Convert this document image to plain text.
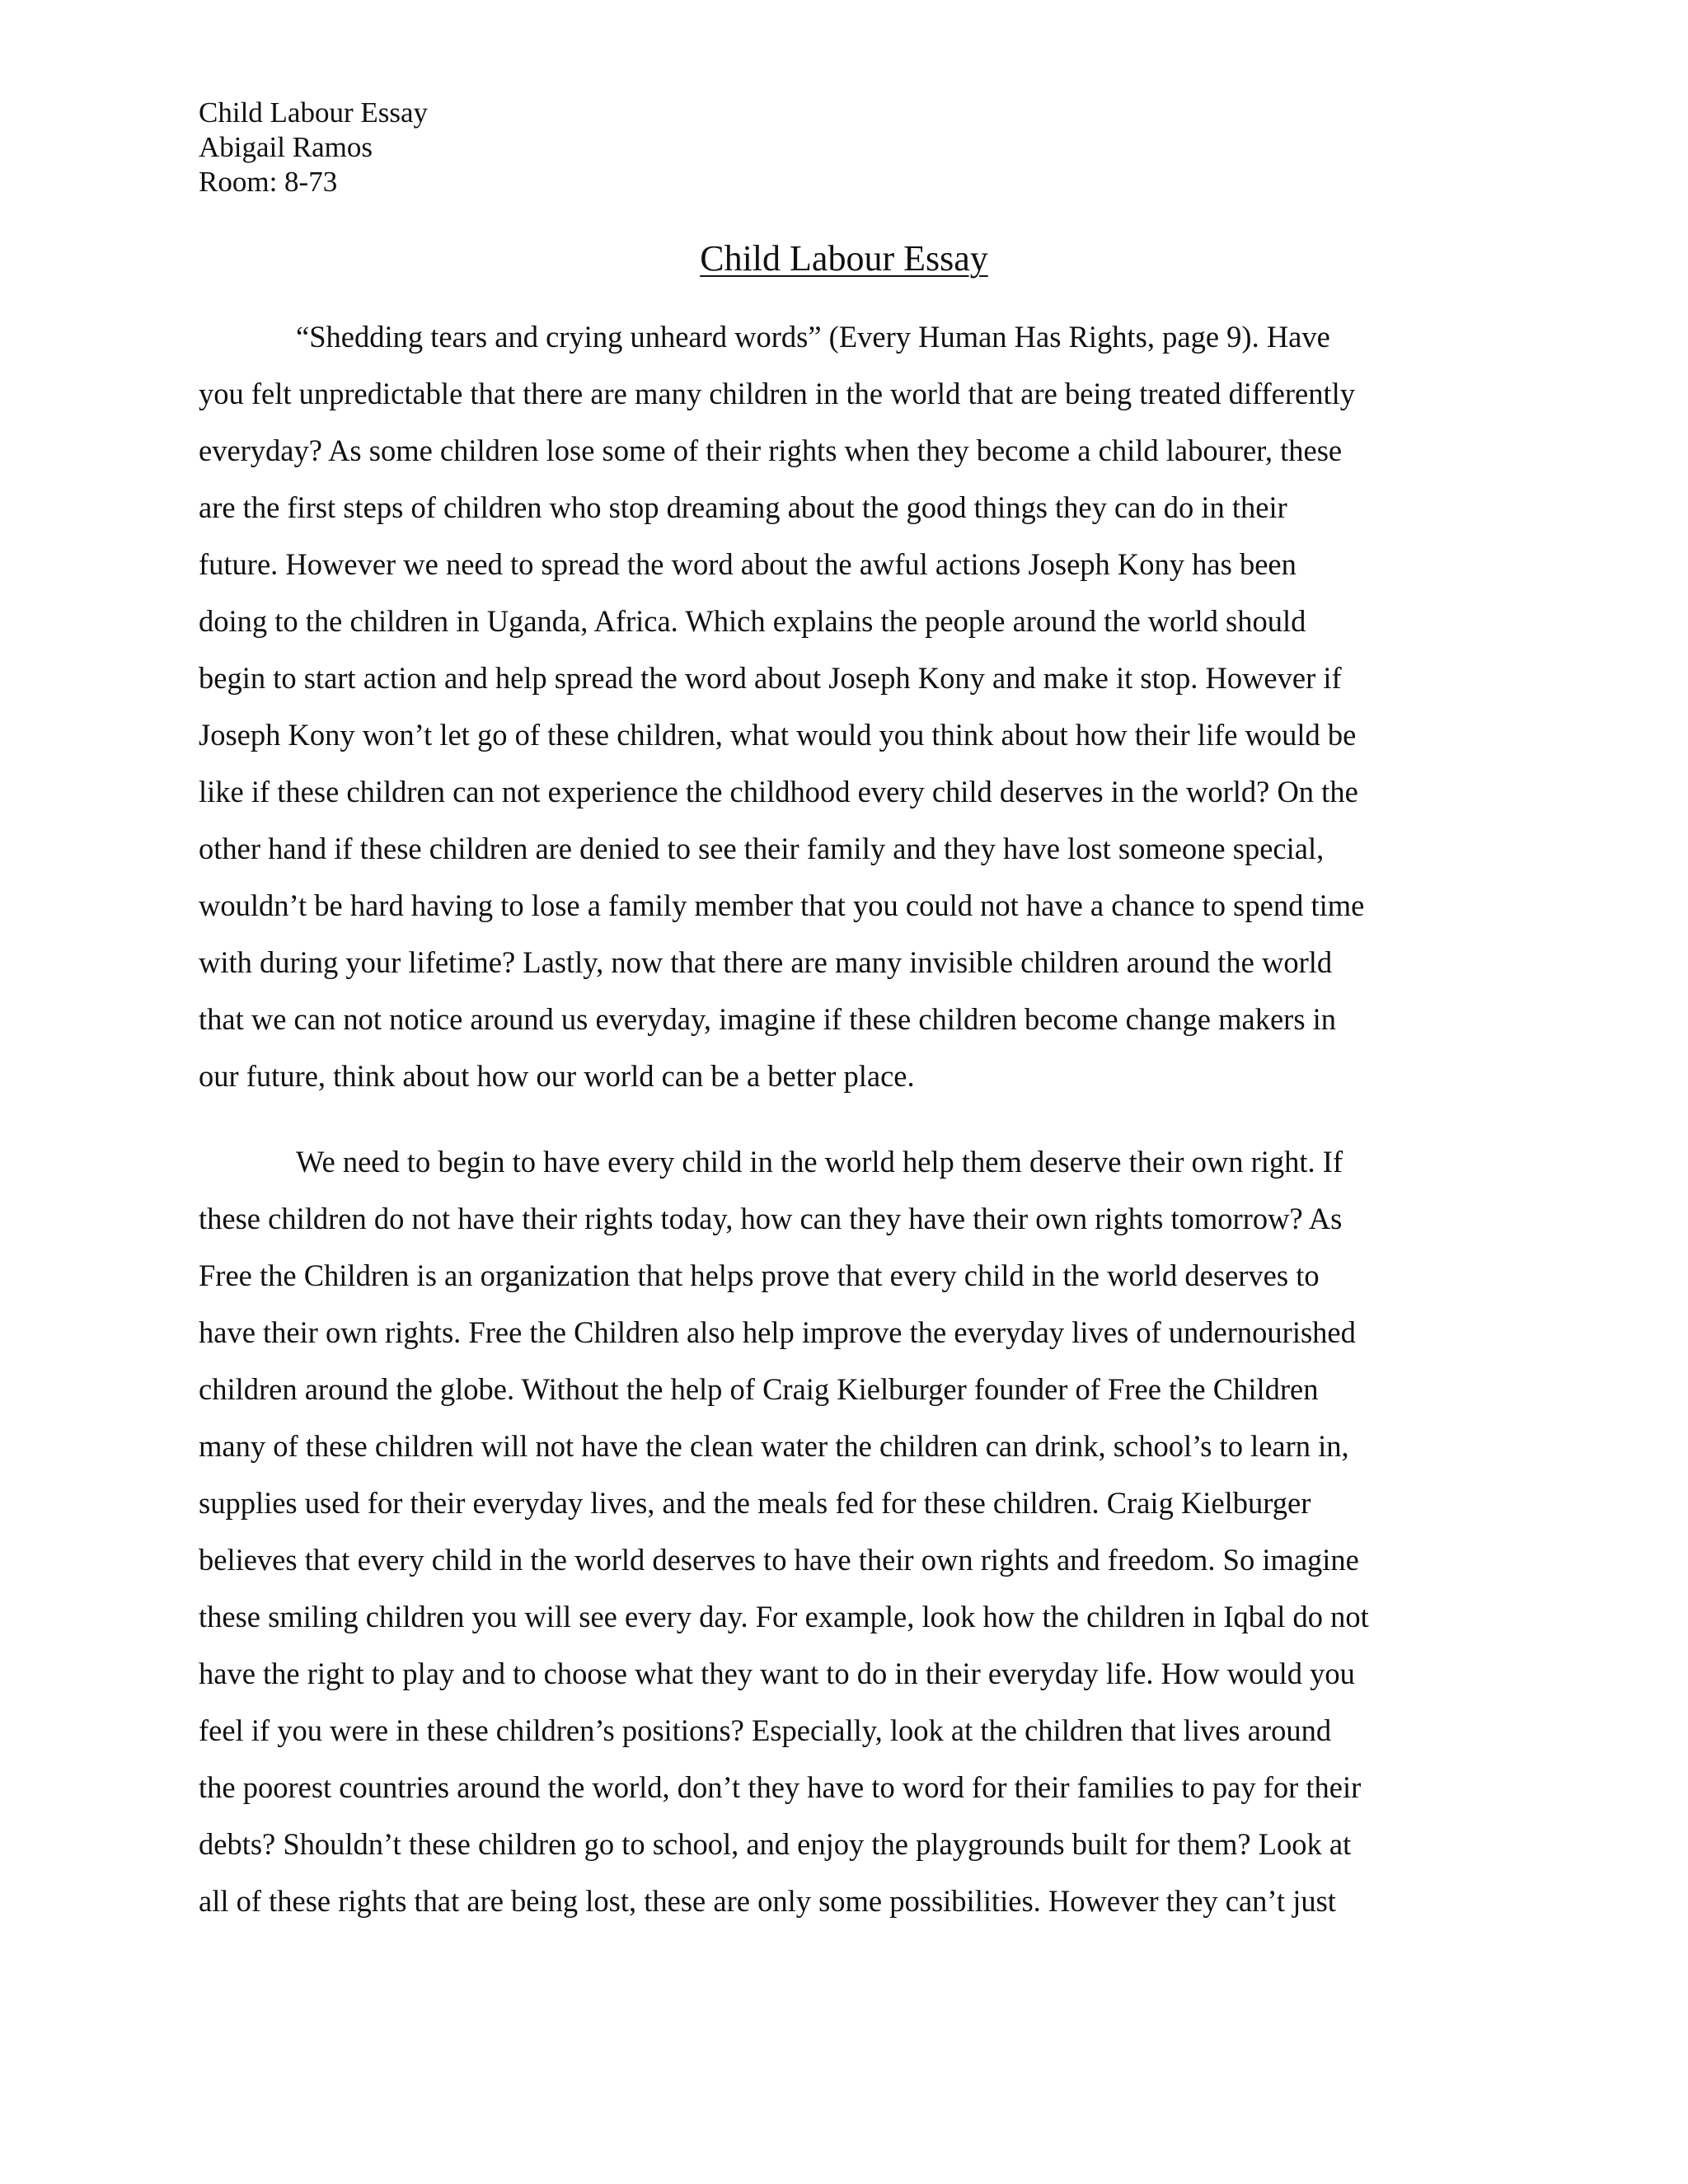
Child Labour Essay
Abigail Ramos
Room: 8-73
Child Labour Essay
“Shedding tears and crying unheard words” (Every Human Has Rights, page 9). Have
you felt unpredictable that there are many children in the world that are being treated differently
everyday? As some children lose some of their rights when they become a child labourer, these
are the first steps of children who stop dreaming about the good things they can do in their
future. However we need to spread the word about the awful actions Joseph Kony has been
doing to the children in Uganda, Africa. Which explains the people around the world should
begin to start action and help spread the word about Joseph Kony and make it stop. However if
Joseph Kony won’t let go of these children, what would you think about how their life would be
like if these children can not experience the childhood every child deserves in the world? On the
other hand if these children are denied to see their family and they have lost someone special,
wouldn’t be hard having to lose a family member that you could not have a chance to spend time
with during your lifetime? Lastly, now that there are many invisible children around the world
that we can not notice around us everyday, imagine if these children become change makers in
our future, think about how our world can be a better place.
We need to begin to have every child in the world help them deserve their own right. If
these children do not have their rights today, how can they have their own rights tomorrow? As
Free the Children is an organization that helps prove that every child in the world deserves to
have their own rights. Free the Children also help improve the everyday lives of undernourished
children around the globe. Without the help of Craig Kielburger founder of Free the Children
many of these children will not have the clean water the children can drink, school’s to learn in,
supplies used for their everyday lives, and the meals fed for these children. Craig Kielburger
believes that every child in the world deserves to have their own rights and freedom. So imagine
these smiling children you will see every day. For example, look how the children in Iqbal do not
have the right to play and to choose what they want to do in their everyday life. How would you
feel if you were in these children’s positions? Especially, look at the children that lives around
the poorest countries around the world, don’t they have to word for their families to pay for their
debts? Shouldn’t these children go to school, and enjoy the playgrounds built for them? Look at
all of these rights that are being lost, these are only some possibilities. However they can’t just
